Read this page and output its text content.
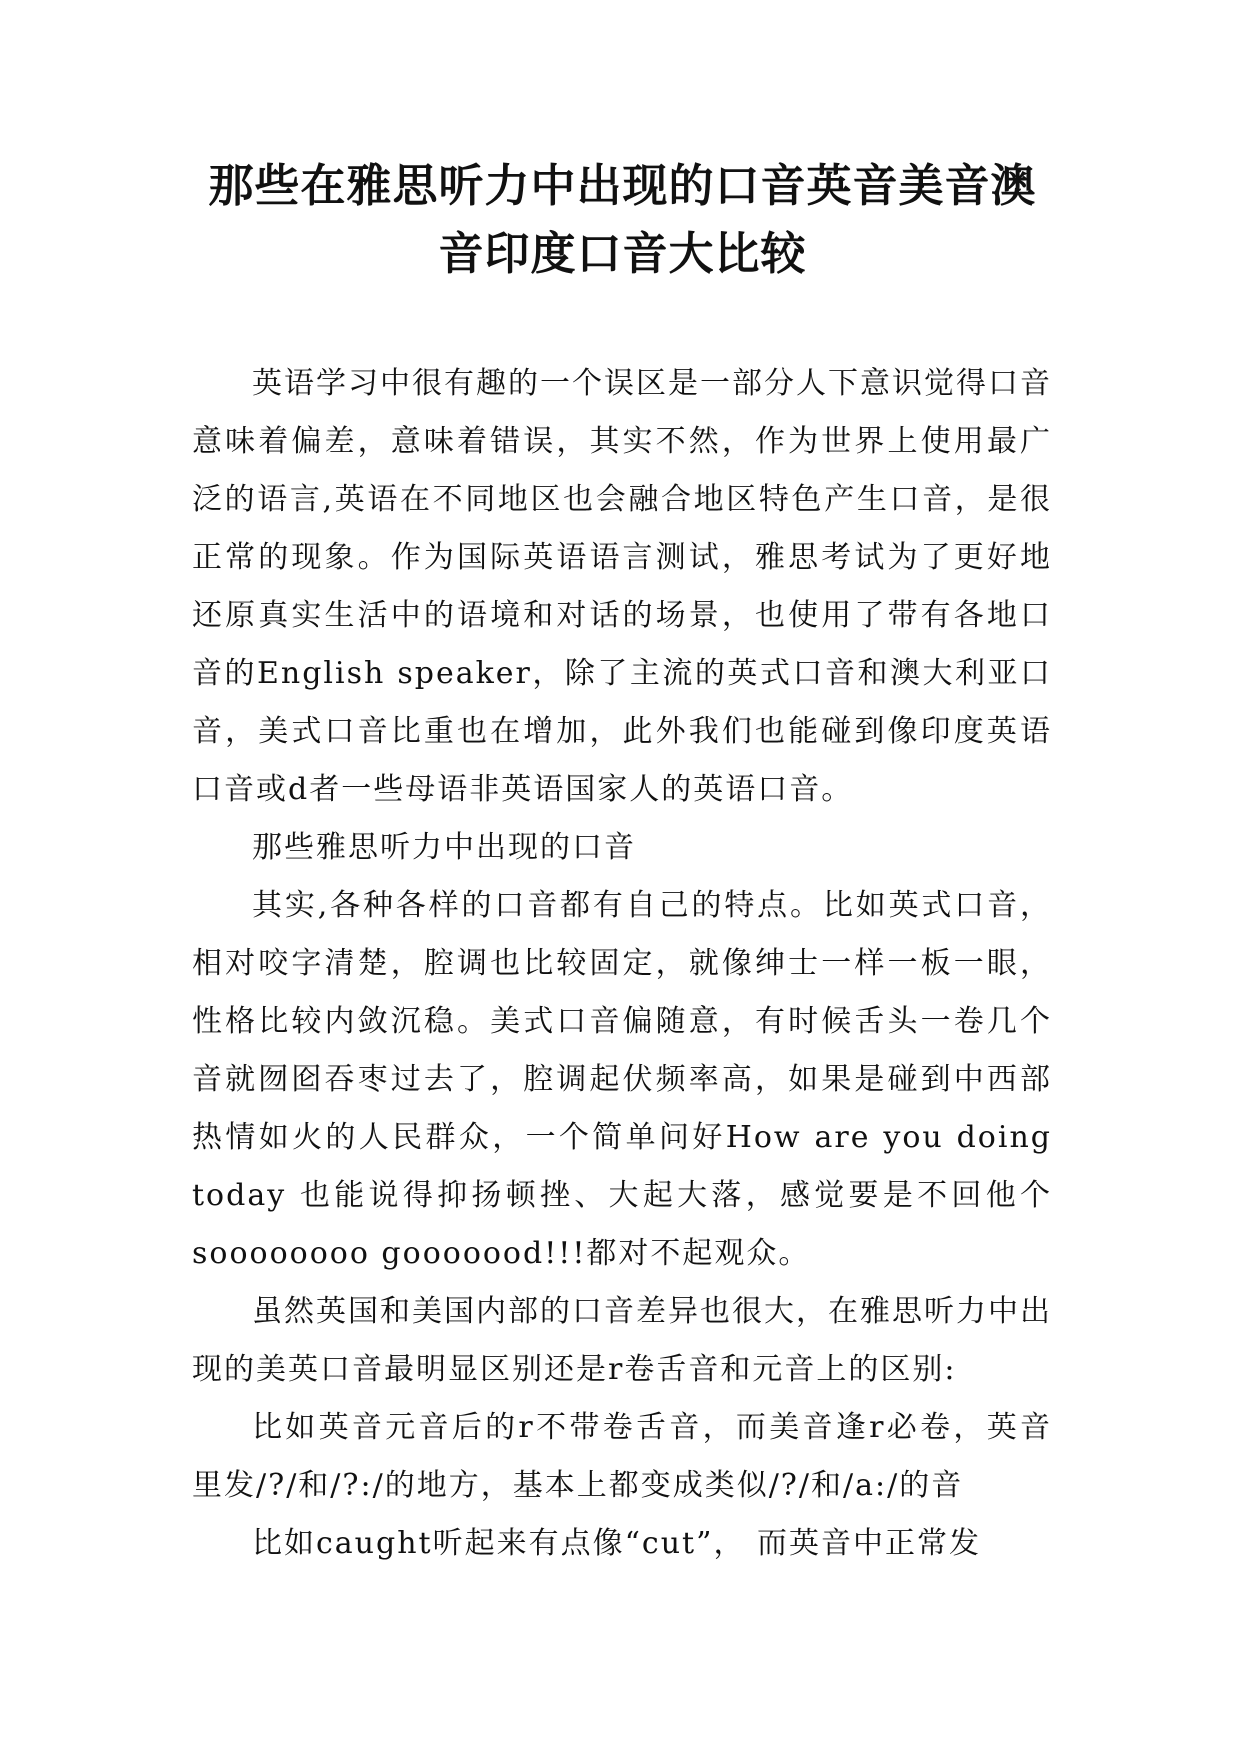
那些在雅思听力中出现的口音英音美音澳
音印度口音大比较

英语学习中很有趣的一个误区是一部分人下意识觉得口音意味着偏差，意味着错误，其实不然，作为世界上使用最广泛的语言,英语在不同地区也会融合地区特色产生口音，是很正常的现象。作为国际英语语言测试，雅思考试为了更好地还原真实生活中的语境和对话的场景，也使用了带有各地口音的English speaker，除了主流的英式口音和澳大利亚口音，美式口音比重也在增加，此外我们也能碰到像印度英语口音或d者一些母语非英语国家人的英语口音。

那些雅思听力中出现的口音

其实,各种各样的口音都有自己的特点。比如英式口音，相对咬字清楚，腔调也比较固定，就像绅士一样一板一眼，性格比较内敛沉稳。美式口音偏随意，有时候舌头一卷几个音就囫囵吞枣过去了，腔调起伏频率高，如果是碰到中西部热情如火的人民群众，一个简单问好How are you doing today 也能说得抑扬顿挫、大起大落，感觉要是不回他个soooooooo gooooood!!!都对不起观众。

虽然英国和美国内部的口音差异也很大，在雅思听力中出现的美英口音最明显区别还是r卷舌音和元音上的区别:

比如英音元音后的r不带卷舌音，而美音逢r必卷，英音里发/?/和/?:/的地方，基本上都变成类似/?/和/a:/的音

比如caught听起来有点像“cut”， 而英音中正常发
